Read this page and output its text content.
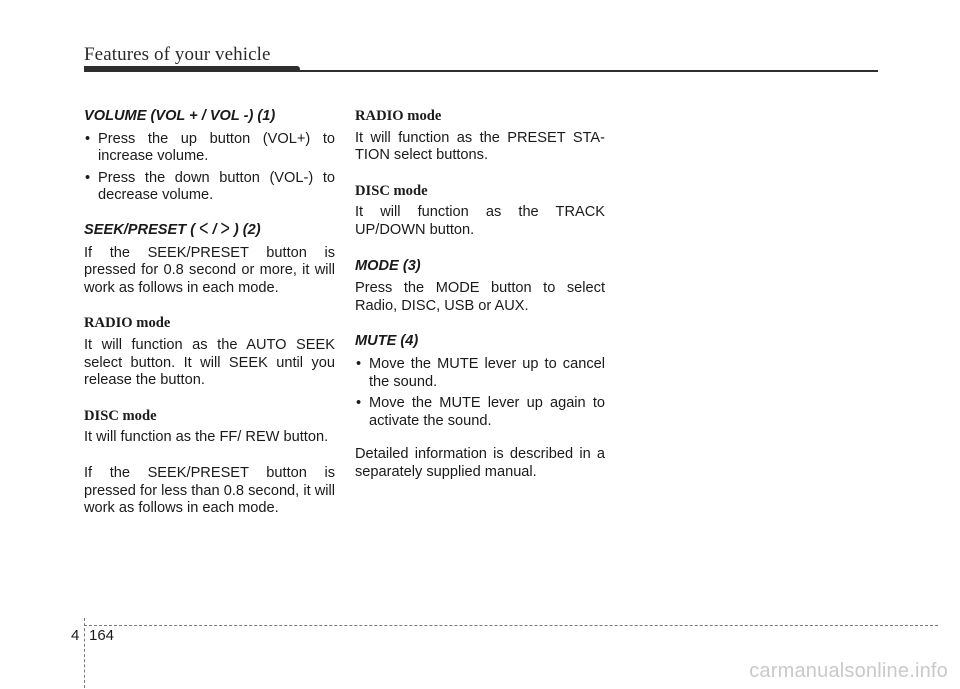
Features of your vehicle
VOLUME (VOL + / VOL -) (1)
• Press the up button (VOL+) to increase volume.
• Press the down button (VOL-) to decrease volume.
SEEK/PRESET ( < / > ) (2)

If the SEEK/PRESET button is pressed for 0.8 second or more, it will work as follows in each mode.

RADIO mode

It will function as the AUTO SEEK select button. It will SEEK until you release the button.

DISC mode

It will function as the FF/ REW button.

If the SEEK/PRESET button is pressed for less than 0.8 second, it will work as follows in each mode.

RADIO mode

It will function as the PRESET STA-TION select buttons.

DISC mode

It will function as the TRACK UP/DOWN button.

MODE (3)

Press the MODE button to select Radio, DISC, USB or AUX.

MUTE (4)
• Move the MUTE lever up to cancel the sound.
• Move the MUTE lever up again to activate the sound.

Detailed information is described in a separately supplied manual.

4 164
carmanualsonline.info
